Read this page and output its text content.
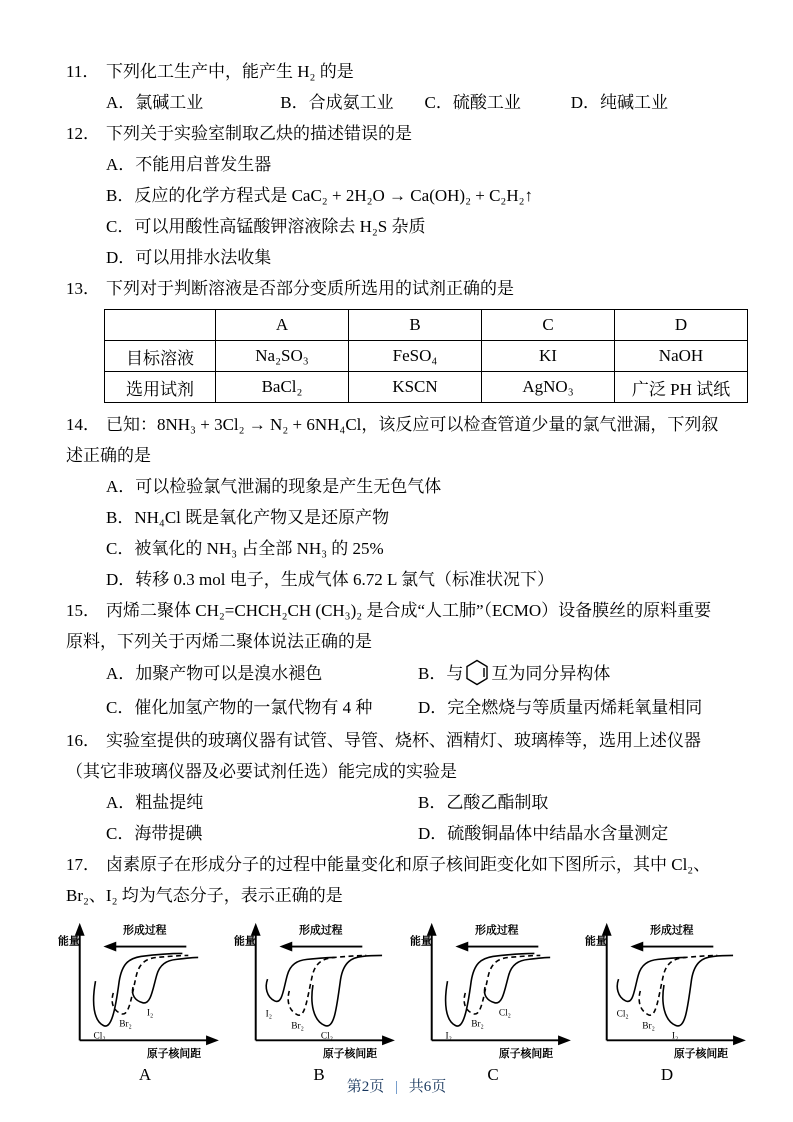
11． 下列化工生产中，能产生 H₂ 的是
A．氯碱工业	B．合成氨工业 C．硫酸工业	D．纯碱工业
12． 下列关于实验室制取乙炔的描述错误的是
A．不能用启普发生器
B．反应的化学方程式是 CaC₂ + 2H₂O → Ca(OH)₂ + C₂H₂↑
C．可以用酸性高锰酸钾溶液除去 H₂S 杂质
D．可以用排水法收集
13． 下列对于判断溶液是否部分变质所选用的试剂正确的是
	A	B	C	D
目标溶液	Na₂SO₃	FeSO₄	KI	NaOH
选用试剂	BaCl₂	KSCN	AgNO₃	广泛 PH 试纸
14． 已知：8NH₃ + 3Cl₂ → N₂ + 6NH₄Cl，该反应可以检查管道少量的氯气泄漏，下列叙
述正确的是
A．可以检验氯气泄漏的现象是产生无色气体
B．NH₄Cl 既是氧化产物又是还原产物
C．被氧化的 NH₃ 占全部 NH₃ 的 25%
D．转移 0.3 mol 电子，生成气体 6.72 L 氯气（标准状况下）
15． 丙烯二聚体 CH₂=CHCH₂CH (CH₃)₂ 是合成“人工肺”（ECMO）设备膜丝的原料重要
原料，下列关于丙烯二聚体说法正确的是
A．加聚产物可以是溴水褪色	B．与 互为同分异构体
C．催化加氢产物的一氯代物有 4 种	D．完全燃烧与等质量丙烯耗氧量相同
16． 实验室提供的玻璃仪器有试管、导管、烧杯、酒精灯、玻璃棒等，选用上述仪器
（其它非玻璃仪器及必要试剂任选）能完成的实验是
A．粗盐提纯	B．乙酸乙酯制取
C．海带提碘	D．硫酸铜晶体中结晶水含量测定
17． 卤素原子在形成分子的过程中能量变化和原子核间距变化如下图所示，其中 Cl₂、
Br₂、I₂ 均为气态分子，表示正确的是
能量
原子核间距
形成过程
Cl₂
Br₂
I₂
能量
原子核间距
形成过程
I₂
Br₂
Cl₂
能量
原子核间距
形成过程
I₂
Br₂
Cl₂
能量
原子核间距
形成过程
Cl₂
Br₂
I₂
A	B	C	D
第2页 | 共6页
